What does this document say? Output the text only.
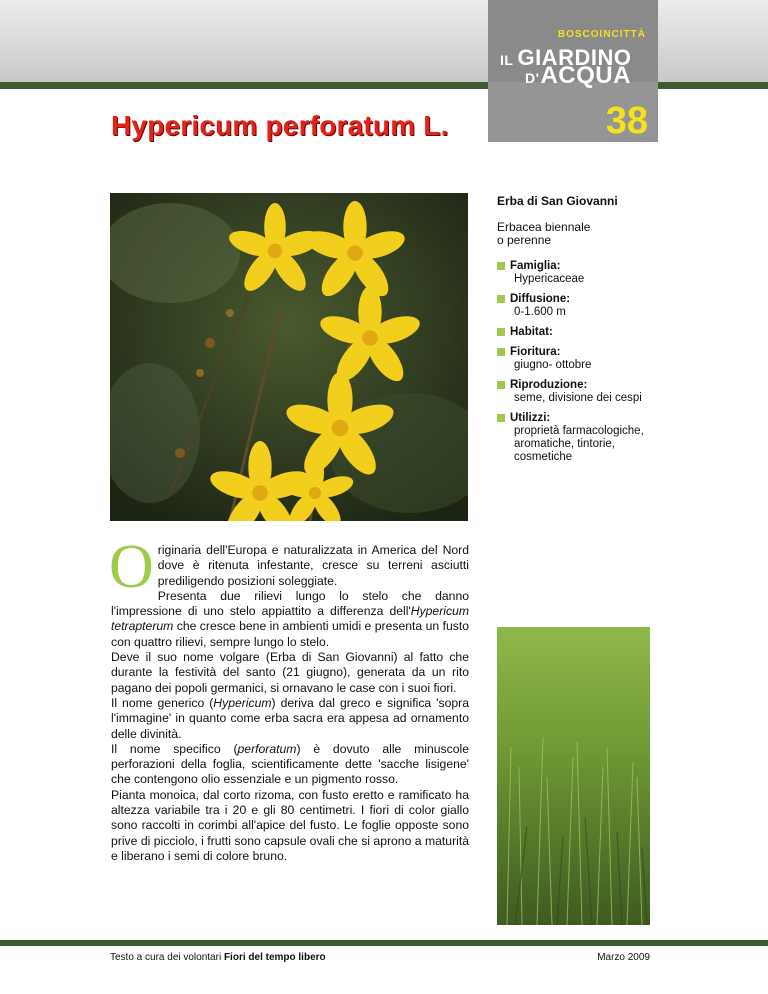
BOSCOINCITTÀ
IL GIARDINO
D'ACQUA
38
Hypericum perforatum L.
Erba di San Giovanni
Erbacea biennale
o perenne
Famiglia:
Hypericaceae
Diffusione:
0-1.600 m
Habitat:
Fioritura:
giugno- ottobre
Riproduzione:
seme, divisione dei cespi
Utilizzi:
proprietà farmacologiche, aromatiche, tintorie, cosmetiche
O riginaria dell'Europa e naturalizzata in America del Nord dove è ritenuta infestante, cresce su terreni asciutti prediligendo posizioni soleggiate.
Presenta due rilievi lungo lo stelo che danno l'impressione di uno stelo appiattito a differenza dell'Hypericum tetrapterum che cresce bene in ambienti umidi e presenta un fusto con quattro rilievi, sempre lungo lo stelo.
Deve il suo nome volgare (Erba di San Giovanni) al fatto che durante la festività del santo (21 giugno), generata da un rito pagano dei popoli germanici, si ornavano le case con i suoi fiori.
Il nome generico (Hypericum) deriva dal greco e significa 'sopra l'immagine' in quanto come erba sacra era appesa ad ornamento delle divinità.
Il nome specifico (perforatum) è dovuto alle minuscole perforazioni della foglia, scientificamente dette 'sacche lisigene' che contengono olio essenziale e un pigmento rosso.
Pianta monoica, dal corto rizoma, con fusto eretto e ramificato ha altezza variabile tra i 20 e gli 80 centimetri. I fiori di color giallo sono raccolti in corimbi all'apice del fusto. Le foglie opposte sono prive di picciolo, i frutti sono capsule ovali che si aprono a maturità e liberano i semi di colore bruno.
Testo a cura dei volontari Fiori del tempo libero	Marzo 2009
